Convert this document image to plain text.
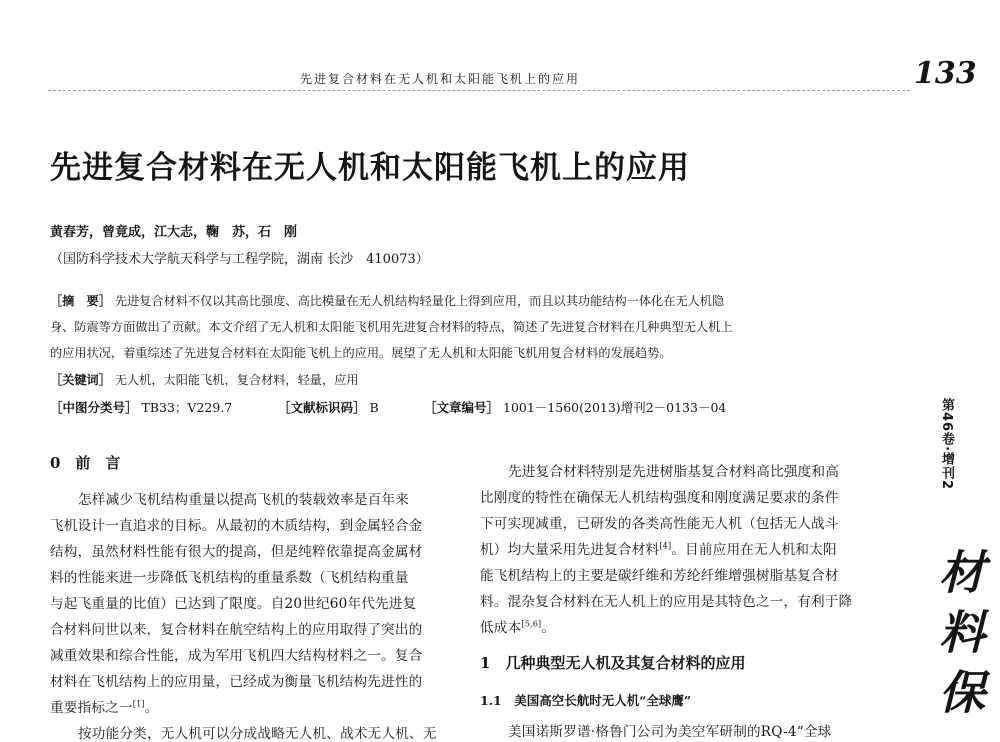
先进复合材料在无人机和太阳能飞机上的应用	133
先进复合材料在无人机和太阳能飞机上的应用
黄春芳，曾竟成，江大志，鞠　苏，石　刚
（国防科学技术大学航天科学与工程学院，湖南 长沙　410073）
［摘　要］ 先进复合材料不仅以其高比强度、高比模量在无人机结构轻量化上得到应用，而且以其功能结构一体化在无人机隐
身、防震等方面做出了贡献。本文介绍了无人机和太阳能飞机用先进复合材料的特点，简述了先进复合材料在几种典型无人机上
的应用状况，着重综述了先进复合材料在太阳能飞机上的应用。展望了无人机和太阳能飞机用复合材料的发展趋势。
［关键词］ 无人机，太阳能飞机，复合材料，轻量，应用
［中图分类号］ TB33；V229.7	［文献标识码］ B	［文章编号］ 1001－1560(2013)增刊2－0133－04
0　前　言
怎样减少飞机结构重量以提高飞机的装载效率是百年来
飞机设计一直追求的目标。从最初的木质结构，到金属轻合金
结构，虽然材料性能有很大的提高，但是纯粹依靠提高金属材
料的性能来进一步降低飞机结构的重量系数（飞机结构重量
与起飞重量的比值）已达到了限度。自20世纪60年代先进复
合材料问世以来，复合材料在航空结构上的应用取得了突出的
减重效果和综合性能，成为军用飞机四大结构材料之一。复合
材料在飞机结构上的应用量，已经成为衡量飞机结构先进性的
重要指标之一[1]。
按功能分类，无人机可以分成战略无人机、战术无人机、无
先进复合材料特别是先进树脂基复合材料高比强度和高
比刚度的特性在确保无人机结构强度和刚度满足要求的条件
下可实现减重，已研发的各类高性能无人机（包括无人战斗
机）均大量采用先进复合材料[4]。目前应用在无人机和太阳
能飞机结构上的主要是碳纤维和芳纶纤维增强树脂基复合材
料。混杂复合材料在无人机上的应用是其特色之一，有利于降
低成本[5,6]。
1　几种典型无人机及其复合材料的应用
1.1　美国高空长航时无人机“全球鹰”
美国诺斯罗谱·格鲁门公司为美空军研制的RQ-4“全球
第46卷·增刊2
材料保
